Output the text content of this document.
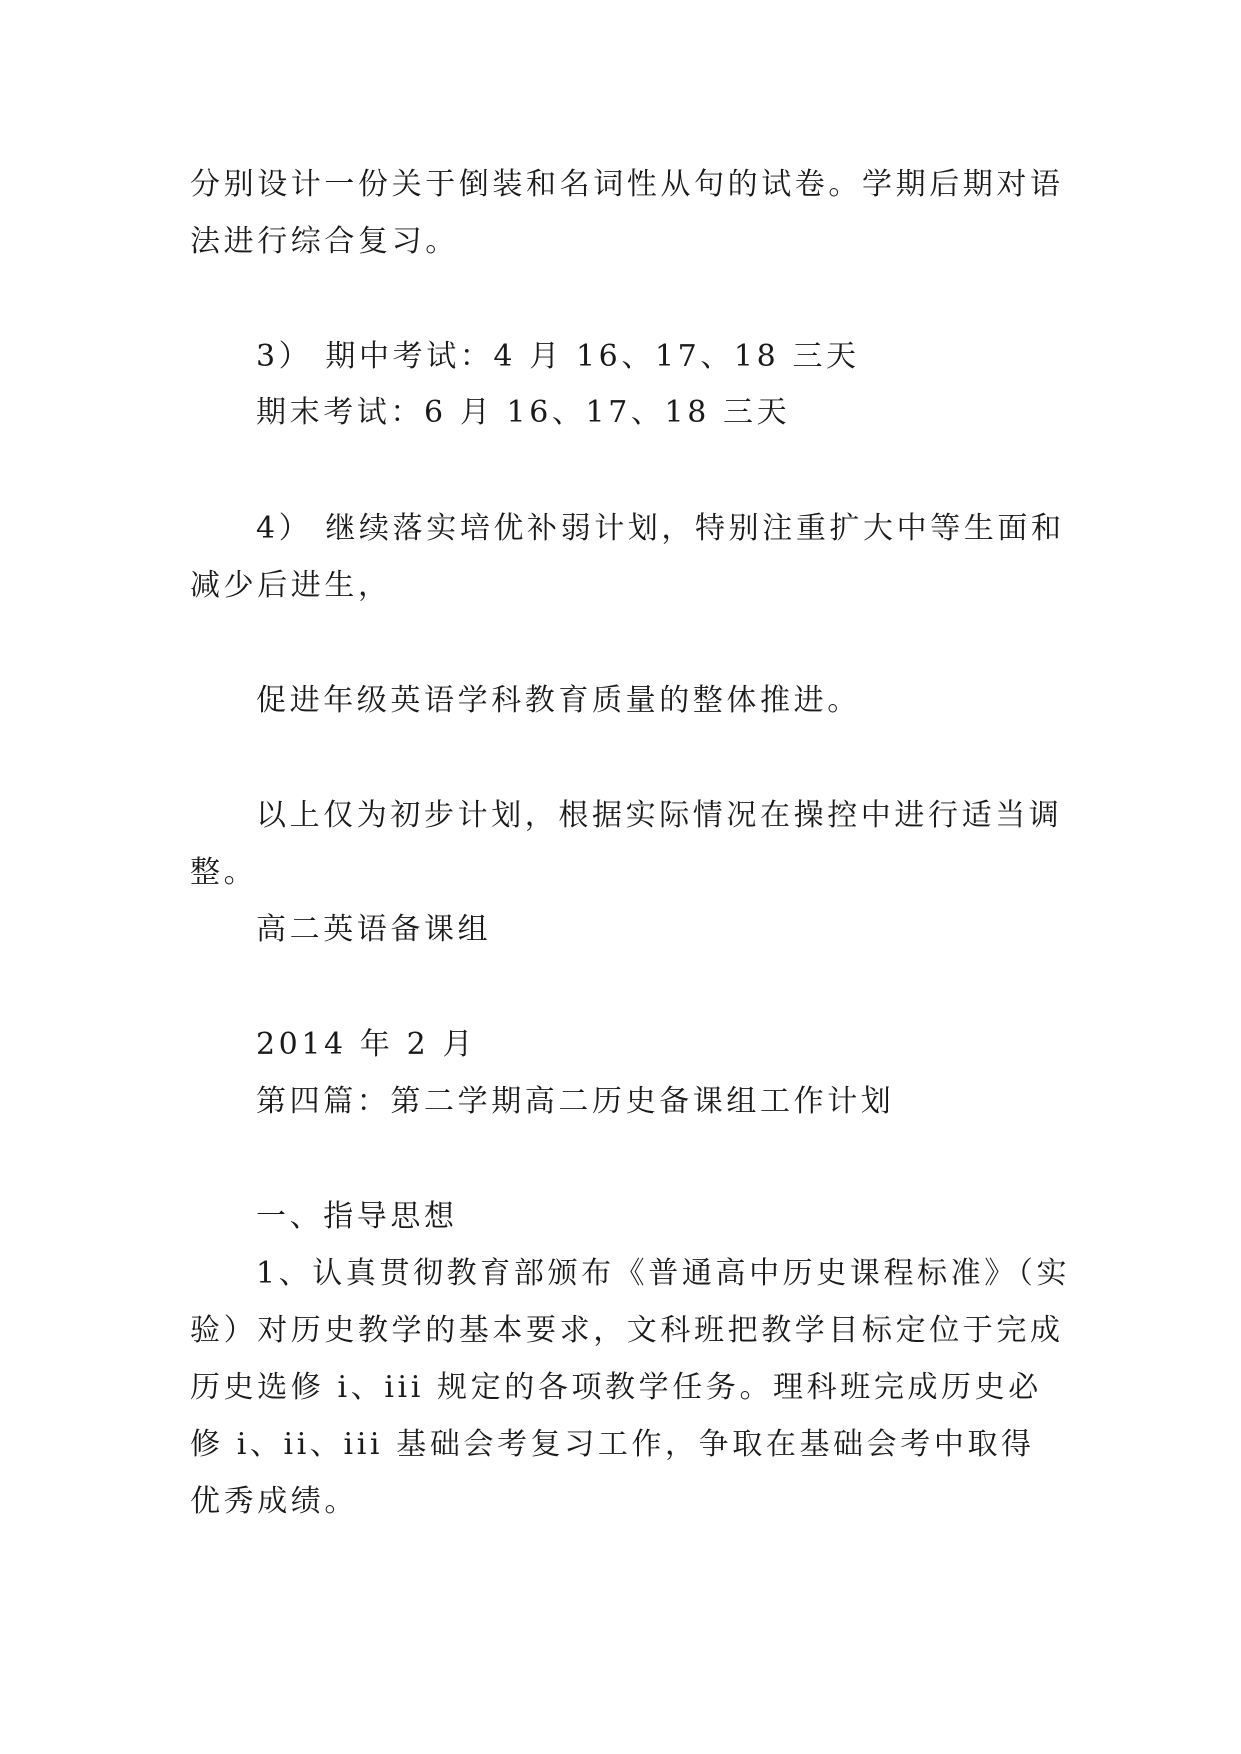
分别设计一份关于倒装和名词性从句的试卷。学期后期对语
法进行综合复习。
3） 期中考试：4 月 16、17、18 三天
期末考试：6 月 16、17、18 三天
4） 继续落实培优补弱计划，特别注重扩大中等生面和
减少后进生，
促进年级英语学科教育质量的整体推进。
以上仅为初步计划，根据实际情况在操控中进行适当调
整。
高二英语备课组
2014 年 2 月
第四篇：第二学期高二历史备课组工作计划
一、指导思想
1、认真贯彻教育部颁布《普通高中历史课程标准》（实
验）对历史教学的基本要求，文科班把教学目标定位于完成
历史选修 i、iii 规定的各项教学任务。理科班完成历史必
修 i、ii、iii 基础会考复习工作，争取在基础会考中取得
优秀成绩。
